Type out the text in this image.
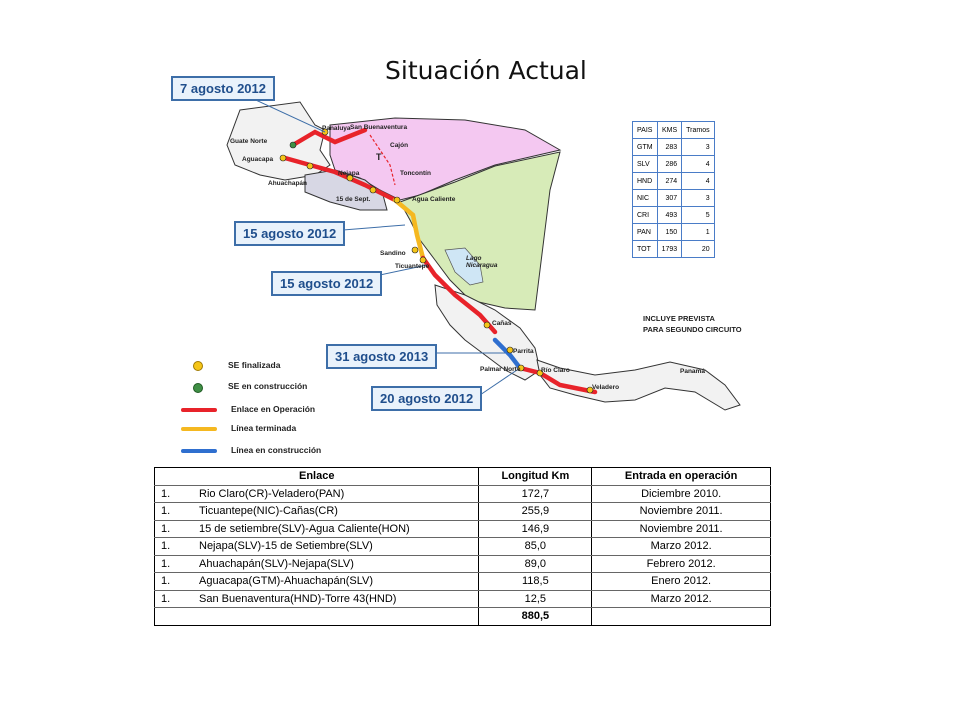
Situación Actual
Guate Norte
Panaluya San Buenaventura
Cajón
Aguacapa
Ahuachapán
Nejapa
15 de Sept.
Toncontín
T
Agua Caliente
Sandino
Ticuantepe
Lago
Nicaragua
Cañas
Parrita
Palmar Norte	Río Claro
Veladero
Panamá
7 agosto 2012
15 agosto 2012
15 agosto 2012
31 agosto 2013
20 agosto 2012
PAIS	KMS	Tramos
GTM	283	3
SLV	286	4
HND	274	4
NIC	307	3
CRI	493	5
PAN	150	1
TOT	1793	20
INCLUYE PREVISTA
PARA SEGUNDO CIRCUITO
SE finalizada
SE en construcción
Enlace en Operación
Línea terminada
Línea en construcción
Enlace	Longitud Km	Entrada en operación
1. Rio Claro(CR)-Veladero(PAN)	172,7	Diciembre 2010.
1. Ticuantepe(NIC)-Cañas(CR)	255,9	Noviembre 2011.
1. 15 de setiembre(SLV)-Agua Caliente(HON)	146,9	Noviembre 2011.
1. Nejapa(SLV)-15 de Setiembre(SLV)	85,0	Marzo 2012.
1. Ahuachapán(SLV)-Nejapa(SLV)	89,0	Febrero 2012.
1. Aguacapa(GTM)-Ahuachapán(SLV)	118,5	Enero 2012.
1. San Buenaventura(HND)-Torre 43(HND)	12,5	Marzo 2012.
	880,5	
